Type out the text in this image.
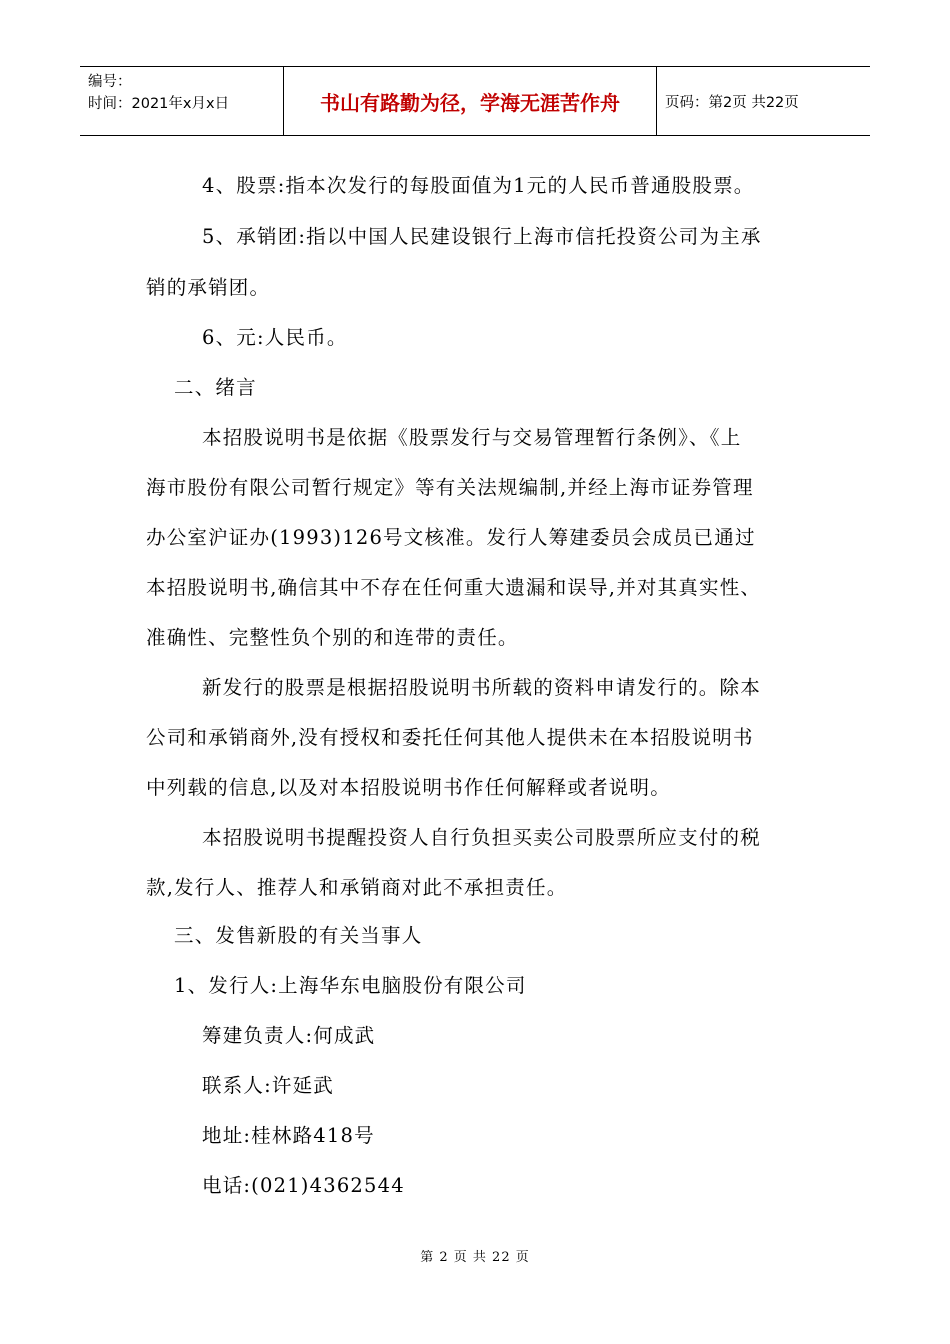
编号：
时间：2021年x月x日	书山有路勤为径，学海无涯苦作舟	页码：第2页 共22页
4、股票:指本次发行的每股面值为1元的人民币普通股股票。
5、承销团:指以中国人民建设银行上海市信托投资公司为主承
销的承销团。
6、元:人民币。
二、绪言
本招股说明书是依据《股票发行与交易管理暂行条例》、《上
海市股份有限公司暂行规定》等有关法规编制,并经上海市证券管理
办公室沪证办(1993)126号文核准。发行人筹建委员会成员已通过
本招股说明书,确信其中不存在任何重大遗漏和误导,并对其真实性、
准确性、完整性负个别的和连带的责任。
新发行的股票是根据招股说明书所载的资料申请发行的。除本
公司和承销商外,没有授权和委托任何其他人提供未在本招股说明书
中列载的信息,以及对本招股说明书作任何解释或者说明。
本招股说明书提醒投资人自行负担买卖公司股票所应支付的税
款,发行人、推荐人和承销商对此不承担责任。
三、发售新股的有关当事人
1、发行人:上海华东电脑股份有限公司
筹建负责人:何成武
联系人:许延武
地址:桂林路418号
电话:(021)4362544
第 2 页 共 22 页
